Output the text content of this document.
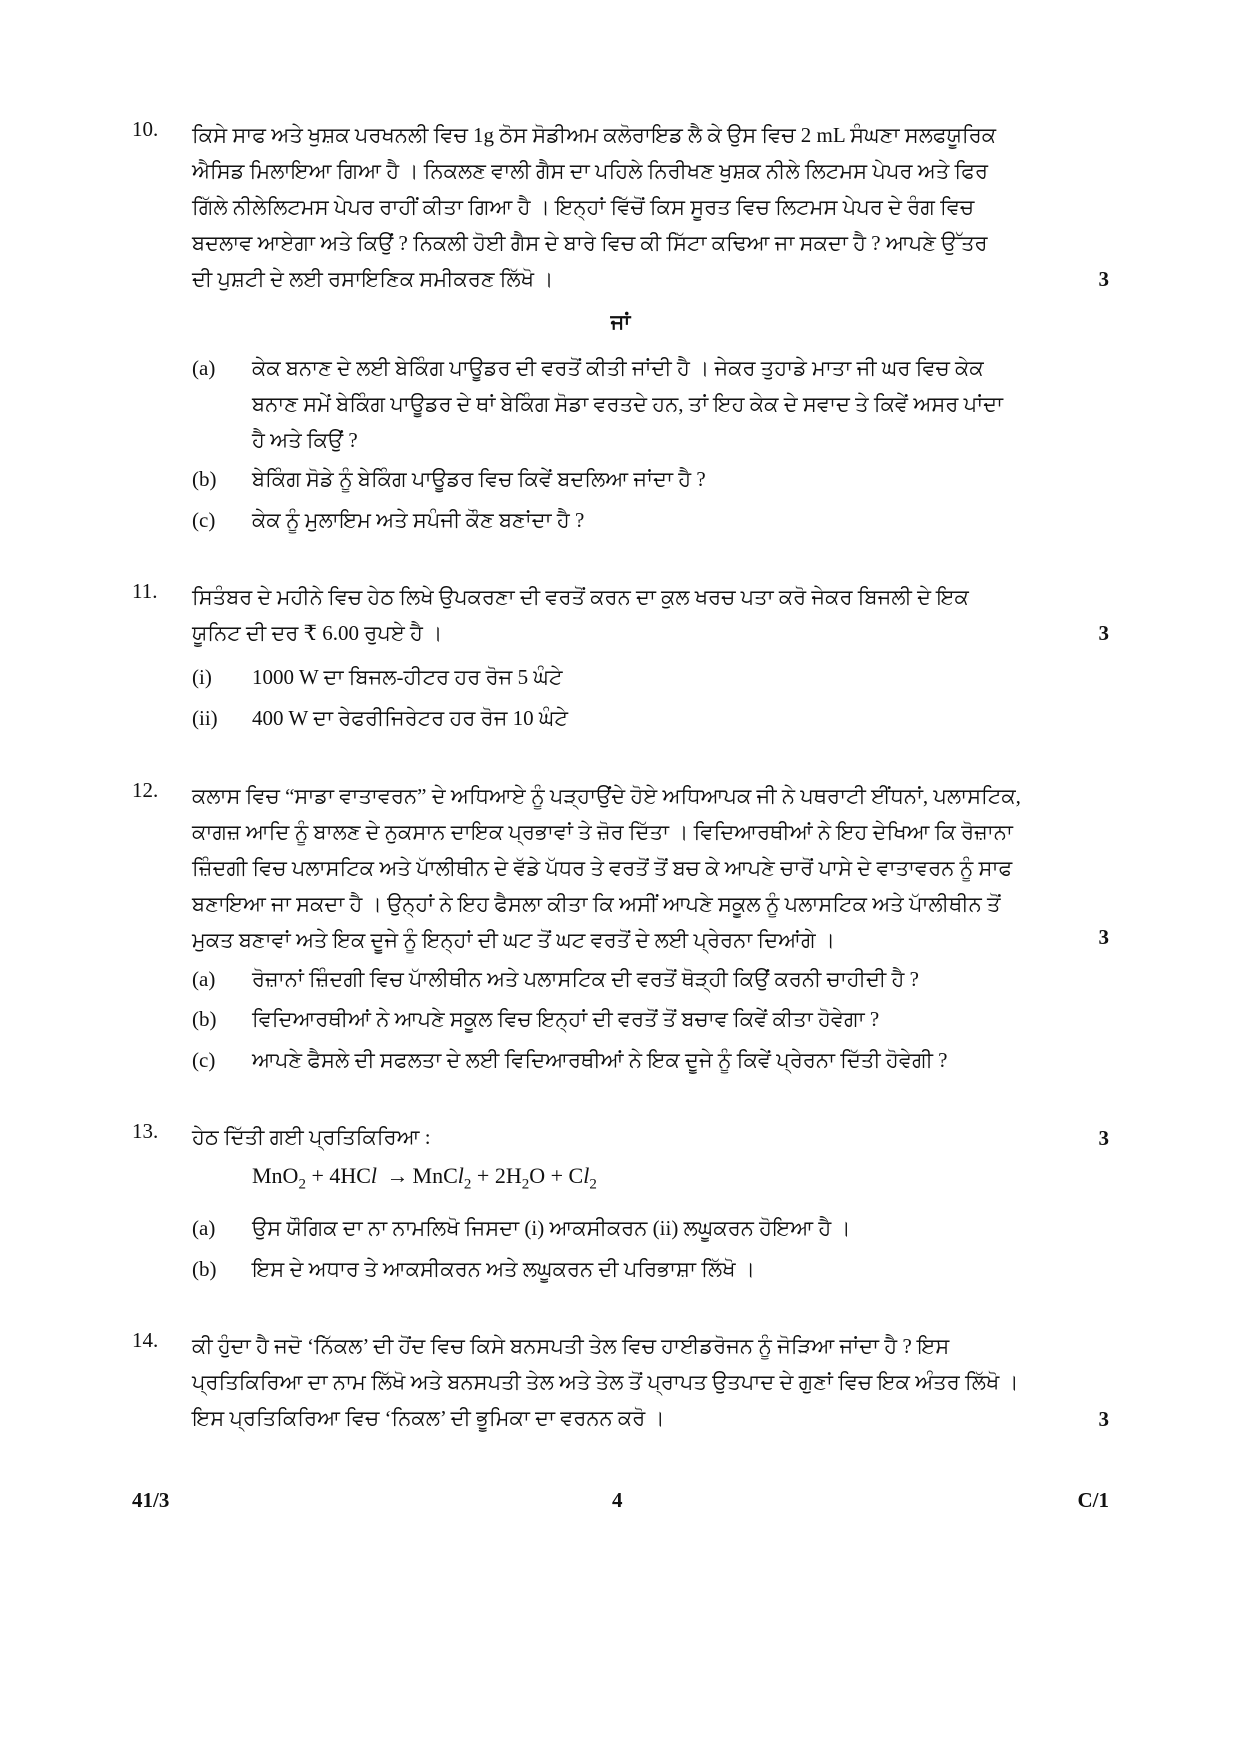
10.	ਕਿਸੇ ਸਾਫ ਅਤੇ ਖੁਸ਼ਕ ਪਰਖਨਲੀ ਵਿਚ 1g ਠੋਸ ਸੋਡੀਅਮ ਕਲੋਰਾਇਡ ਲੈ ਕੇ ਉਸ ਵਿਚ 2 mL ਸੰਘਣਾ ਸਲਫਯੂਰਿਕ
ਐਸਿਡ ਮਿਲਾਇਆ ਗਿਆ ਹੈ । ਨਿਕਲਣ ਵਾਲੀ ਗੈਸ ਦਾ ਪਹਿਲੇ ਨਿਰੀਖਣ ਖੁਸ਼ਕ ਨੀਲੇ ਲਿਟਮਸ ਪੇਪਰ ਅਤੇ ਫਿਰ
ਗਿੱਲੇ ਨੀਲੇਲਿਟਮਸ ਪੇਪਰ ਰਾਹੀਂ ਕੀਤਾ ਗਿਆ ਹੈ । ਇਨ੍ਹਾਂ ਵਿੱਚੋਂ ਕਿਸ ਸੂਰਤ ਵਿਚ ਲਿਟਮਸ ਪੇਪਰ ਦੇ ਰੰਗ ਵਿਚ
ਬਦਲਾਵ ਆਏਗਾ ਅਤੇ ਕਿਉਂ ? ਨਿਕਲੀ ਹੋਈ ਗੈਸ ਦੇ ਬਾਰੇ ਵਿਚ ਕੀ ਸਿੱਟਾ ਕਢਿਆ ਜਾ ਸਕਦਾ ਹੈ ? ਆਪਣੇ ਉੱਤਰ
ਦੀ ਪੁਸ਼ਟੀ ਦੇ ਲਈ ਰਸਾਇਣਿਕ ਸਮੀਕਰਣ ਲਿੱਖੋ ।	3
ਜਾਂ
(a)	ਕੇਕ ਬਨਾਣ ਦੇ ਲਈ ਬੇਕਿੰਗ ਪਾਊਡਰ ਦੀ ਵਰਤੋਂ ਕੀਤੀ ਜਾਂਦੀ ਹੈ । ਜੇਕਰ ਤੁਹਾਡੇ ਮਾਤਾ ਜੀ ਘਰ ਵਿਚ ਕੇਕ
ਬਨਾਣ ਸਮੇਂ ਬੇਕਿੰਗ ਪਾਊਡਰ ਦੇ ਥਾਂ ਬੇਕਿੰਗ ਸੋਡਾ ਵਰਤਦੇ ਹਨ, ਤਾਂ ਇਹ ਕੇਕ ਦੇ ਸਵਾਦ ਤੇ ਕਿਵੇਂ ਅਸਰ ਪਾਂਦਾ
ਹੈ ਅਤੇ ਕਿਉਂ ?
(b)	ਬੇਕਿੰਗ ਸੋਡੇ ਨੂੰ ਬੇਕਿੰਗ ਪਾਊਡਰ ਵਿਚ ਕਿਵੇਂ ਬਦਲਿਆ ਜਾਂਦਾ ਹੈ ?
(c)	ਕੇਕ ਨੂੰ ਮੁਲਾਇਮ ਅਤੇ ਸਪੰਜੀ ਕੌਣ ਬਣਾਂਦਾ ਹੈ ?
11.	ਸਿਤੰਬਰ ਦੇ ਮਹੀਨੇ ਵਿਚ ਹੇਠ ਲਿਖੇ ਉਪਕਰਣਾ ਦੀ ਵਰਤੋਂ ਕਰਨ ਦਾ ਕੁਲ ਖਰਚ ਪਤਾ ਕਰੋ ਜੇਕਰ ਬਿਜਲੀ ਦੇ ਇਕ
ਯੂਨਿਟ ਦੀ ਦਰ ₹ 6.00 ਰੁਪਏ ਹੈ ।	3
(i)	1000 W ਦਾ ਬਿਜਲ-ਹੀਟਰ ਹਰ ਰੋਜ 5 ਘੰਟੇ
(ii)	400 W ਦਾ ਰੇਫਰੀਜਿਰੇਟਰ ਹਰ ਰੋਜ 10 ਘੰਟੇ
12.	ਕਲਾਸ ਵਿਚ “ਸਾਡਾ ਵਾਤਾਵਰਨ” ਦੇ ਅਧਿਆਏ ਨੂੰ ਪੜ੍ਹਾਉਂਦੇ ਹੋਏ ਅਧਿਆਪਕ ਜੀ ਨੇ ਪਥਰਾਟੀ ਈਂਧਨਾਂ, ਪਲਾਸਟਿਕ,
ਕਾਗਜ਼ ਆਦਿ ਨੂੰ ਬਾਲਣ ਦੇ ਨੁਕਸਾਨ ਦਾਇਕ ਪ੍ਰਭਾਵਾਂ ਤੇ ਜ਼ੋਰ ਦਿੱਤਾ । ਵਿਦਿਆਰਥੀਆਂ ਨੇ ਇਹ ਦੇਖਿਆ ਕਿ ਰੋਜ਼ਾਨਾ
ਜ਼ਿੰਦਗੀ ਵਿਚ ਪਲਾਸਟਿਕ ਅਤੇ ਪਾੱਲੀਥੀਨ ਦੇ ਵੱਡੇ ਪੱਧਰ ਤੇ ਵਰਤੋਂ ਤੋਂ ਬਚ ਕੇ ਆਪਣੇ ਚਾਰੋਂ ਪਾਸੇ ਦੇ ਵਾਤਾਵਰਨ ਨੂੰ ਸਾਫ
ਬਣਾਇਆ ਜਾ ਸਕਦਾ ਹੈ । ਉਨ੍ਹਾਂ ਨੇ ਇਹ ਫੈਸਲਾ ਕੀਤਾ ਕਿ ਅਸੀਂ ਆਪਣੇ ਸਕੂਲ ਨੂੰ ਪਲਾਸਟਿਕ ਅਤੇ ਪਾੱਲੀਥੀਨ ਤੋਂ
ਮੁਕਤ ਬਣਾਵਾਂ ਅਤੇ ਇਕ ਦੂਜੇ ਨੂੰ ਇਨ੍ਹਾਂ ਦੀ ਘਟ ਤੋਂ ਘਟ ਵਰਤੋਂ ਦੇ ਲਈ ਪ੍ਰੇਰਨਾ ਦਿਆਂਗੇ ।	3
(a)	ਰੋਜ਼ਾਨਾਂ ਜ਼ਿੰਦਗੀ ਵਿਚ ਪਾੱਲੀਥੀਨ ਅਤੇ ਪਲਾਸਟਿਕ ਦੀ ਵਰਤੋਂ ਥੋੜ੍ਹੀ ਕਿਉਂ ਕਰਨੀ ਚਾਹੀਦੀ ਹੈ ?
(b)	ਵਿਦਿਆਰਥੀਆਂ ਨੇ ਆਪਣੇ ਸਕੂਲ ਵਿਚ ਇਨ੍ਹਾਂ ਦੀ ਵਰਤੋਂ ਤੋਂ ਬਚਾਵ ਕਿਵੇਂ ਕੀਤਾ ਹੋਵੇਗਾ ?
(c)	ਆਪਣੇ ਫੈਸਲੇ ਦੀ ਸਫਲਤਾ ਦੇ ਲਈ ਵਿਦਿਆਰਥੀਆਂ ਨੇ ਇਕ ਦੂਜੇ ਨੂੰ ਕਿਵੇਂ ਪ੍ਰੇਰਨਾ ਦਿੱਤੀ ਹੋਵੇਗੀ ?
13.	ਹੇਠ ਦਿੱਤੀ ਗਈ ਪ੍ਰਤਿਕਿਰਿਆ :	3
MnO$_2$ + 4HCl → MnCl$_2$ + $2H_2O + Cl_2$
(a)	ਉਸ ਯੌਗਿਕ ਦਾ ਨਾ ਨਾਮਲਿਖੋ ਜਿਸਦਾ (i) ਆਕਸੀਕਰਨ (ii) ਲਘੂਕਰਨ ਹੋਇਆ ਹੈ ।
(b)	ਇਸ ਦੇ ਅਧਾਰ ਤੇ ਆਕਸੀਕਰਨ ਅਤੇ ਲਘੂਕਰਨ ਦੀ ਪਰਿਭਾਸ਼ਾ ਲਿੱਖੋ ।
14.	ਕੀ ਹੁੰਦਾ ਹੈ ਜਦੋ ‘ਨਿੱਕਲ’ ਦੀ ਹੋਂਦ ਵਿਚ ਕਿਸੇ ਬਨਸਪਤੀ ਤੇਲ ਵਿਚ ਹਾਈਡਰੋਜਨ ਨੂੰ ਜੋੜਿਆ ਜਾਂਦਾ ਹੈ ? ਇਸ
ਪ੍ਰਤਿਕਿਰਿਆ ਦਾ ਨਾਮ ਲਿੱਖੋ ਅਤੇ ਬਨਸਪਤੀ ਤੇਲ ਅਤੇ ਤੇਲ ਤੋਂ ਪ੍ਰਾਪਤ ਉਤਪਾਦ ਦੇ ਗੁਣਾਂ ਵਿਚ ਇਕ ਅੰਤਰ ਲਿੱਖੋ ।
ਇਸ ਪ੍ਰਤਿਕਿਰਿਆ ਵਿਚ ‘ਨਿਕਲ’ ਦੀ ਭੂਮਿਕਾ ਦਾ ਵਰਨਨ ਕਰੋ ।	3
41/3	4	C/1
